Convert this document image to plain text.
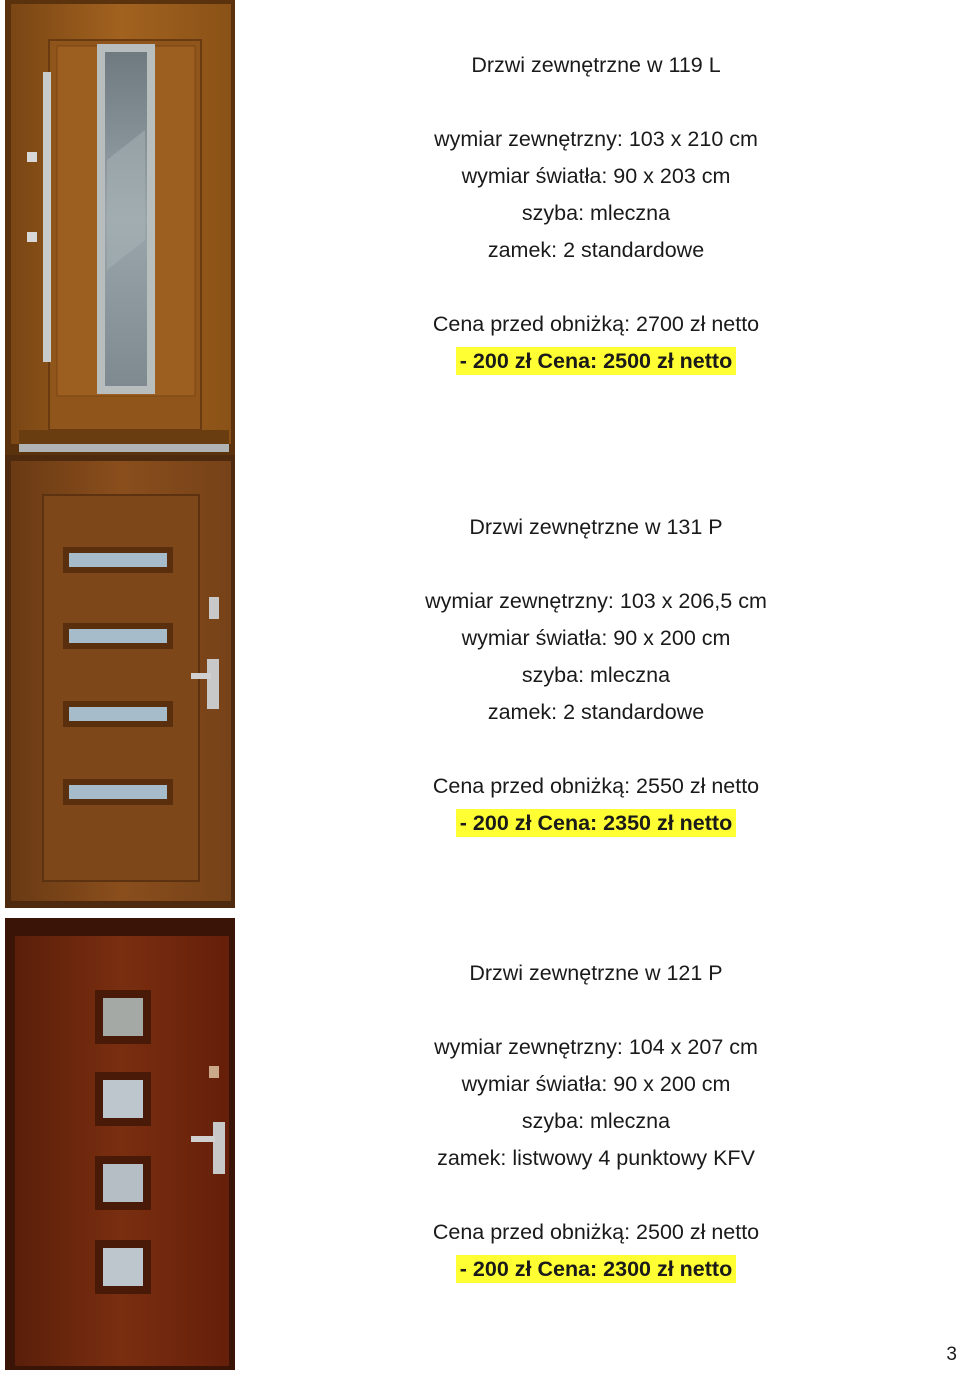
Drzwi zewnętrzne w 119 L
wymiar zewnętrzny: 103 x 210 cm
wymiar światła: 90 x 203 cm
szyba: mleczna
zamek: 2 standardowe
Cena przed obniżką: 2700 zł netto
- 200 zł Cena: 2500 zł netto
Drzwi zewnętrzne w 131 P
wymiar zewnętrzny: 103 x 206,5 cm
wymiar światła: 90 x 200 cm
szyba: mleczna
zamek: 2 standardowe
Cena przed obniżką: 2550 zł netto
- 200 zł Cena: 2350 zł netto
Drzwi zewnętrzne w 121 P
wymiar zewnętrzny: 104 x 207 cm
wymiar światła: 90 x 200 cm
szyba: mleczna
zamek: listwowy 4 punktowy KFV
Cena przed obniżką: 2500 zł netto
- 200 zł Cena: 2300 zł netto
3
